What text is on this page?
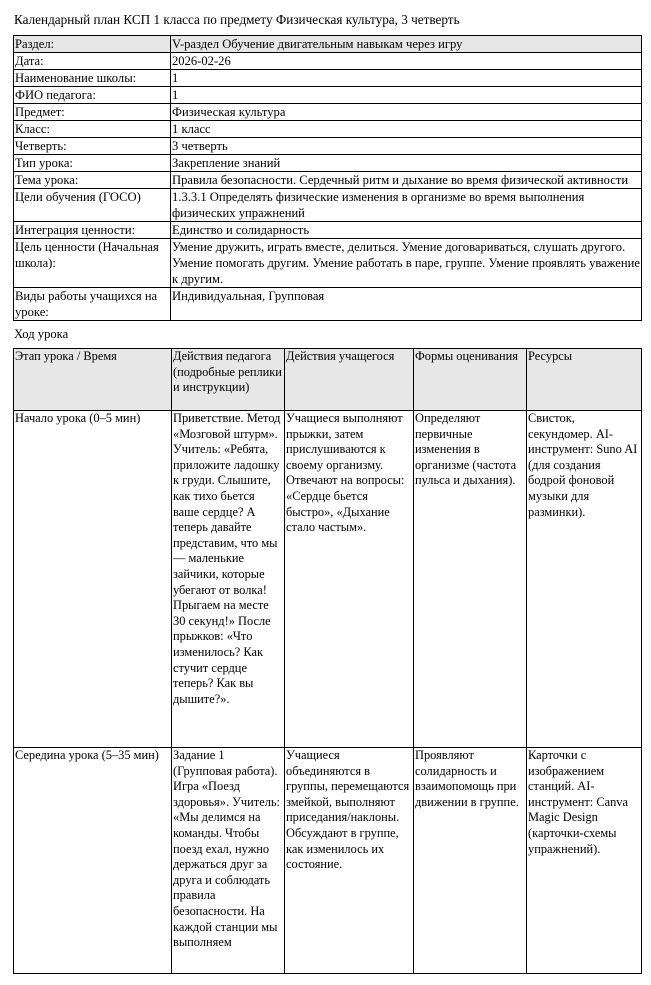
Календарный план КСП 1 класса по предмету Физическая культура, 3 четверть
Раздел:	V-раздел Обучение двигательным навыкам через игру
Дата:	2026-02-26
Наименование школы:	1
ФИО педагога:	1
Предмет:	Физическая культура
Класс:	1 класс
Четверть:	3 четверть
Тип урока:	Закрепление знаний
Тема урока:	Правила безопасности. Сердечный ритм и дыхание во время физической активности
Цели обучения (ГОСО)	1.3.3.1 Определять физические изменения в организме во время выполнения физических упражнений
Интеграция ценности:	Единство и солидарность
Цель ценности (Начальная школа):	Умение дружить, играть вместе, делиться. Умение договариваться, слушать другого. Умение помогать другим. Умение работать в паре, группе. Умение проявлять уважение к другим.
Виды работы учащихся на уроке:	Индивидуальная, Групповая
Ход урока
Этап урока / Время	Действия педагога (подробные реплики и инструкции)	Действия учащегося	Формы оценивания	Ресурсы
Начало урока (0–5 мин)	Приветствие. Метод «Мозговой штурм». Учитель: «Ребята, приложите ладошку к груди. Слышите, как тихо бьется ваше сердце? А теперь давайте представим, что мы — маленькие зайчики, которые убегают от волка! Прыгаем на месте 30 секунд!» После прыжков: «Что изменилось? Как стучит сердце теперь? Как вы дышите?».	Учащиеся выполняют прыжки, затем прислушиваются к своему организму. Отвечают на вопросы: «Сердце бьется быстро», «Дыхание стало частым».	Определяют первичные изменения в организме (частота пульса и дыхания).	Свисток, секундомер. AI-инструмент: Suno AI (для создания бодрой фоновой музыки для разминки).
Середина урока (5–35 мин)	Задание 1 (Групповая работа). Игра «Поезд здоровья». Учитель: «Мы делимся на команды. Чтобы поезд ехал, нужно держаться друг за друга и соблюдать правила безопасности. На каждой станции мы выполняем	Учащиеся объединяются в группы, перемещаются змейкой, выполняют приседания/наклоны. Обсуждают в группе, как изменилось их состояние.	Проявляют солидарность и взаимопомощь при движении в группе.	Карточки с изображением станций. AI-инструмент: Canva Magic Design (карточки-схемы упражнений).
